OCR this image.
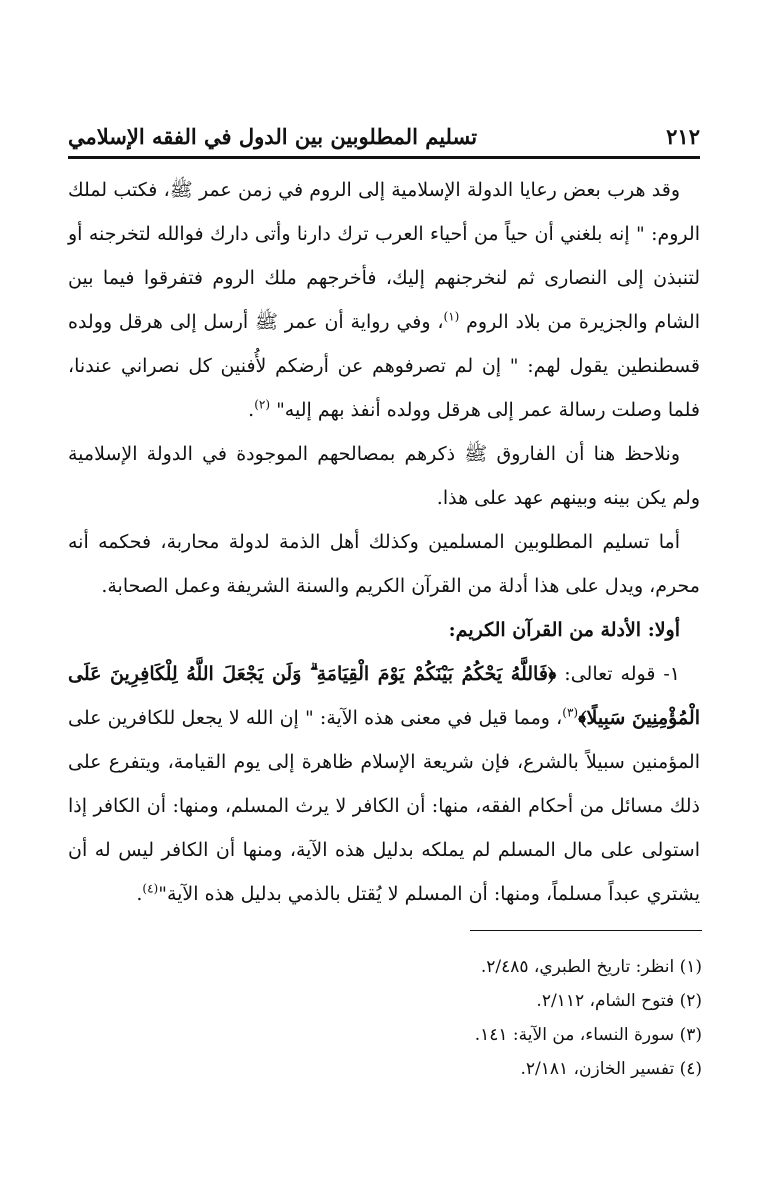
٢١٢
تسليم المطلوبين بين الدول في الفقه الإسلامي

وقد هرب بعض رعايا الدولة الإسلامية إلى الروم في زمن عمر ﷺ، فكتب لملك الروم: " إنه بلغني أن حياً من أحياء العرب ترك دارنا وأتى دارك فوالله لتخرجنه أو لتنبذن إلى النصارى ثم لنخرجنهم إليك، فأخرجهم ملك الروم فتفرقوا فيما بين الشام والجزيرة من بلاد الروم $^{(١)}$، وفي رواية أن عمر ﷺ أرسل إلى هرقل وولده قسطنطين يقول لهم: " إن لم تصرفوهم عن أرضكم لأُفنين كل نصراني عندنا، فلما وصلت رسالة عمر إلى هرقل وولده أنفذ بهم إليه" $^{(٢)}$.

ونلاحظ هنا أن الفاروق ﷺ ذكرهم بمصالحهم الموجودة في الدولة الإسلامية ولم يكن بينه وبينهم عهد على هذا.

أما تسليم المطلوبين المسلمين وكذلك أهل الذمة لدولة محاربة، فحكمه أنه محرم، ويدل على هذا أدلة من القرآن الكريم والسنة الشريفة وعمل الصحابة.

أولا: الأدلة من القرآن الكريم:

١- قوله تعالى: ﴿فَاللَّهُ يَحْكُمُ بَيْنَكُمْ يَوْمَ الْقِيَامَةِ ۗ وَلَن يَجْعَلَ اللَّهُ لِلْكَافِرِينَ عَلَى الْمُؤْمِنِينَ سَبِيلًا﴾$^{(٣)}$، ومما قيل في معنى هذه الآية: " إن الله لا يجعل للكافرين على المؤمنين سبيلاً بالشرع، فإن شريعة الإسلام ظاهرة إلى يوم القيامة، ويتفرع على ذلك مسائل من أحكام الفقه، منها: أن الكافر لا يرث المسلم، ومنها: أن الكافر إذا استولى على مال المسلم لم يملكه بدليل هذه الآية، ومنها أن الكافر ليس له أن يشتري عبداً مسلماً، ومنها: أن المسلم لا يُقتل بالذمي بدليل هذه الآية"$^{(٤)}$.

(١) انظر: تاريخ الطبري، ٢/٤٨٥.

(٢) فتوح الشام، ٢/١١٢.

(٣) سورة النساء، من الآية: ١٤١.

(٤) تفسير الخازن، ٢/١٨١.
